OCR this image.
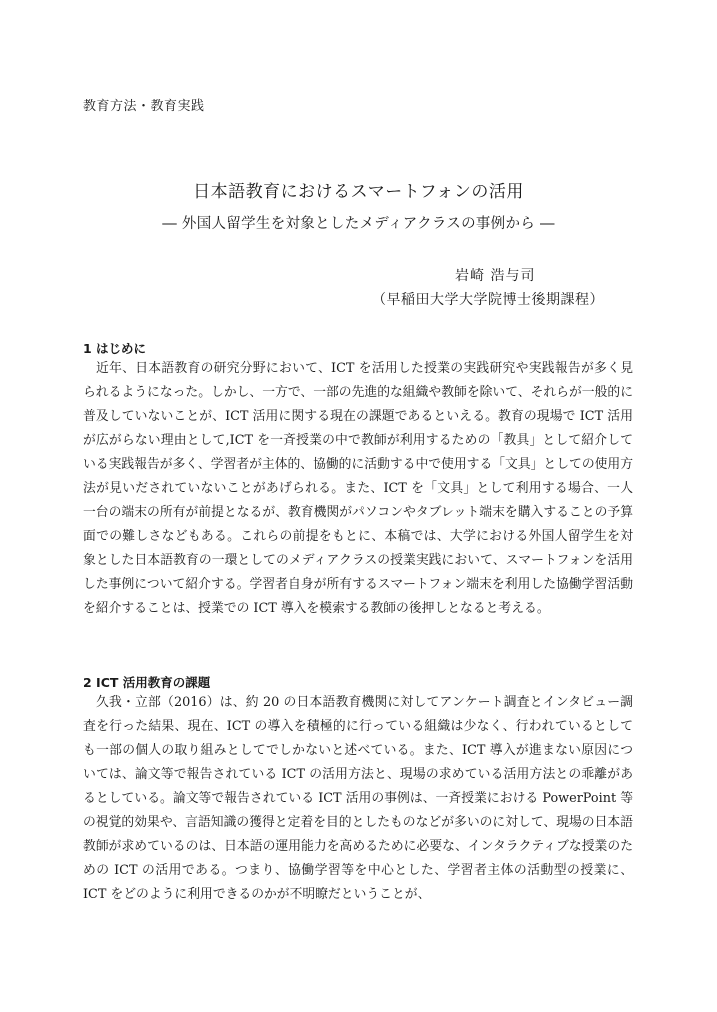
教育方法・教育実践
日本語教育におけるスマートフォンの活用
― 外国人留学生を対象としたメディアクラスの事例から ―
岩崎 浩与司
（早稲田大学大学院博士後期課程）
1 はじめに

近年、日本語教育の研究分野において、ICT を活用した授業の実践研究や実践報告が多く見られるようになった。しかし、一方で、一部の先進的な組織や教師を除いて、それらが一般的に普及していないことが、ICT 活用に関する現在の課題であるといえる。教育の現場で ICT 活用が広がらない理由として,ICT を一斉授業の中で教師が利用するための「教具」として紹介している実践報告が多く、学習者が主体的、協働的に活動する中で使用する「文具」としての使用方法が見いだされていないことがあげられる。また、ICT を「文具」として利用する場合、一人一台の端末の所有が前提となるが、教育機関がパソコンやタブレット端末を購入することの予算面での難しさなどもある。これらの前提をもとに、本稿では、大学における外国人留学生を対象とした日本語教育の一環としてのメディアクラスの授業実践において、スマートフォンを活用した事例について紹介する。学習者自身が所有するスマートフォン端末を利用した協働学習活動を紹介することは、授業での ICT 導入を模索する教師の後押しとなると考える。

2 ICT 活用教育の課題

久我・立部（2016）は、約 20 の日本語教育機関に対してアンケート調査とインタビュー調査を行った結果、現在、ICT の導入を積極的に行っている組織は少なく、行われているとしても一部の個人の取り組みとしてでしかないと述べている。また、ICT 導入が進まない原因については、論文等で報告されている ICT の活用方法と、現場の求めている活用方法との乖離があるとしている。論文等で報告されている ICT 活用の事例は、一斉授業における PowerPoint 等の視覚的効果や、言語知識の獲得と定着を目的としたものなどが多いのに対して、現場の日本語教師が求めているのは、日本語の運用能力を高めるために必要な、インタラクティブな授業のための ICT の活用である。つまり、協働学習等を中心とした、学習者主体の活動型の授業に、ICT をどのように利用できるのかが不明瞭だということが、
